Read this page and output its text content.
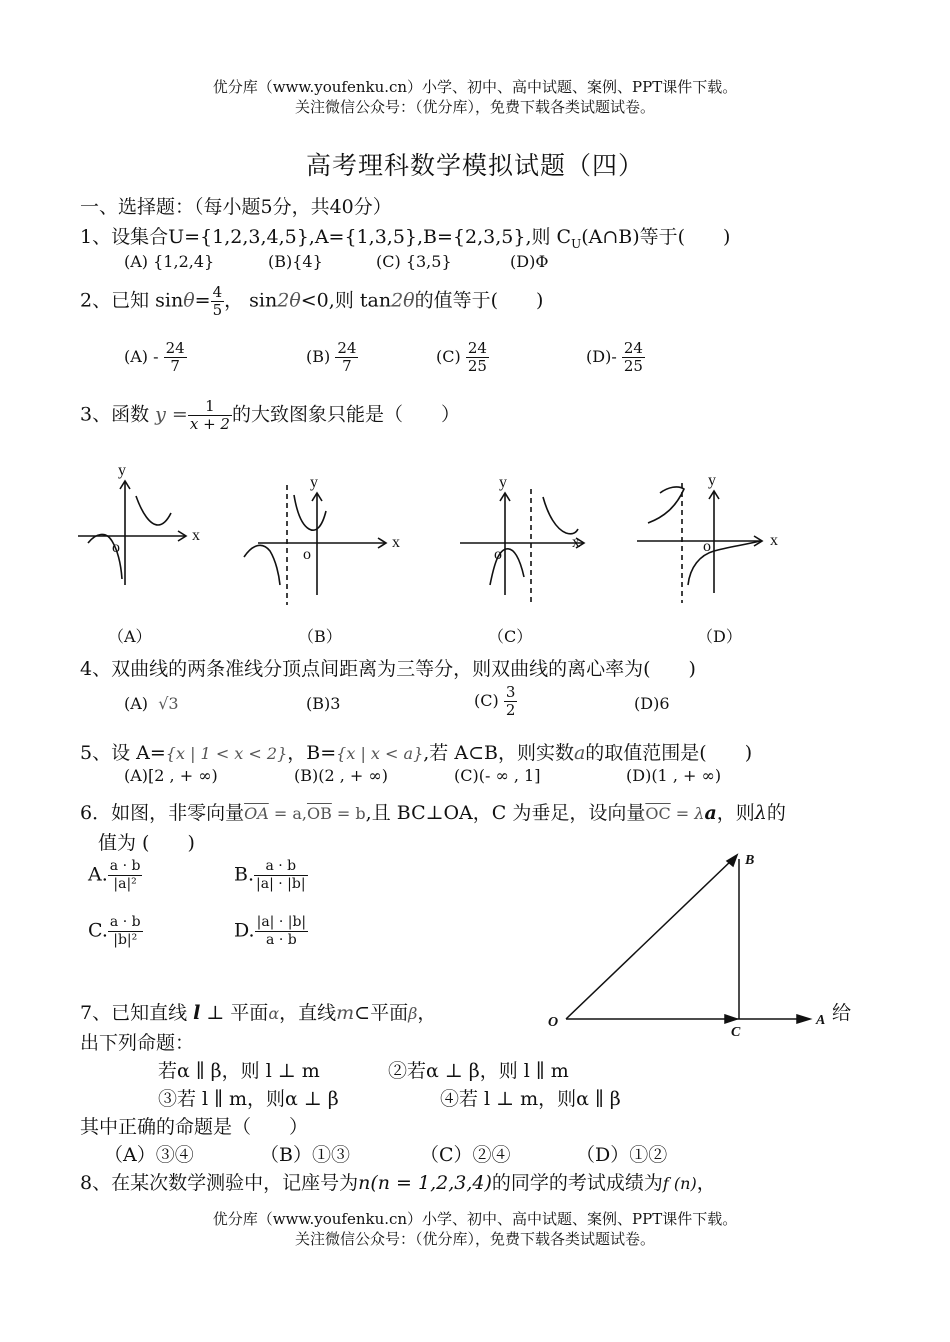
优分库（www.youfenku.cn）小学、初中、高中试题、案例、PPT课件下载。
关注微信公众号：（优分库），免费下载各类试题试卷。
高考理科数学模拟试题（四）
一、选择题：（每小题5分，共40分）
1、设集合U={1,2,3,4,5},A={1,3,5},B={2,3,5},则 $C_U(A\cap B)$等于(　　)
(A) {1,2,4}	(B){4}	(C) {3,5}	(D)Φ
2、已知 $\sin\theta= \frac{4}{5}$ ， sin2θ<0,则 tan2θ的值等于(　　)
$(A) - \frac{24}{7}$	$(B) \frac{24}{7}$	$(C) \frac{24}{25}$	$(D)- \frac{24}{25}$
3、函数 $y = \frac{1}{x + 2}$ 的大致图象只能是（　　）
x
y
o	x
y
o
x
y
o
x
y
o
（A）	（B）	（C）	（D）
4、双曲线的两条准线分顶点间距离为三等分，则双曲线的离心率为(　　)
(A) √3	(B)3	$(C) \frac{3}{2}$	(D)6
5、设 A={x | 1 < x < 2}，B={x | x < a},若 A⊂B，则实数a的取值范围是(　　)
(A)[2 , + ∞)	(B)(2 , + ∞)	(C)(- ∞ , 1]	(D)(1 , + ∞)
6．如图，非零向量$\overline{OA} = a,\overline{OB} = b$,且 BC⊥OA，C 为垂足，设向量$\overline{OC} = \lambda a$，则λ的
值为 (　　)
A. $\frac{a \cdot b}{\text{|a|²}}$	B. $\frac{a \cdot b}{|a| \cdot |b|}$
C. $\frac{a \cdot b}{\text{|b|²}}$	D. $\frac{|a| \cdot |b|}{a \cdot b}$
O	A
B
C
7、已知直线 l ⊥ 平面α，直线m⊂平面β，	给
出下列命题：
若α ∥ β，则 l ⊥ m	②若α ⊥ β，则 l ∥ m
③若 l ∥ m，则α ⊥ β	④若 l ⊥ m，则α ∥ β
其中正确的命题是（　　）
（A）③④	（B）①③	（C）②④	（D）①②
8、在某次数学测验中，记座号为n(n = 1,2,3,4)的同学的考试成绩为f (n)，
优分库（www.youfenku.cn）小学、初中、高中试题、案例、PPT课件下载。
关注微信公众号：（优分库），免费下载各类试题试卷。
